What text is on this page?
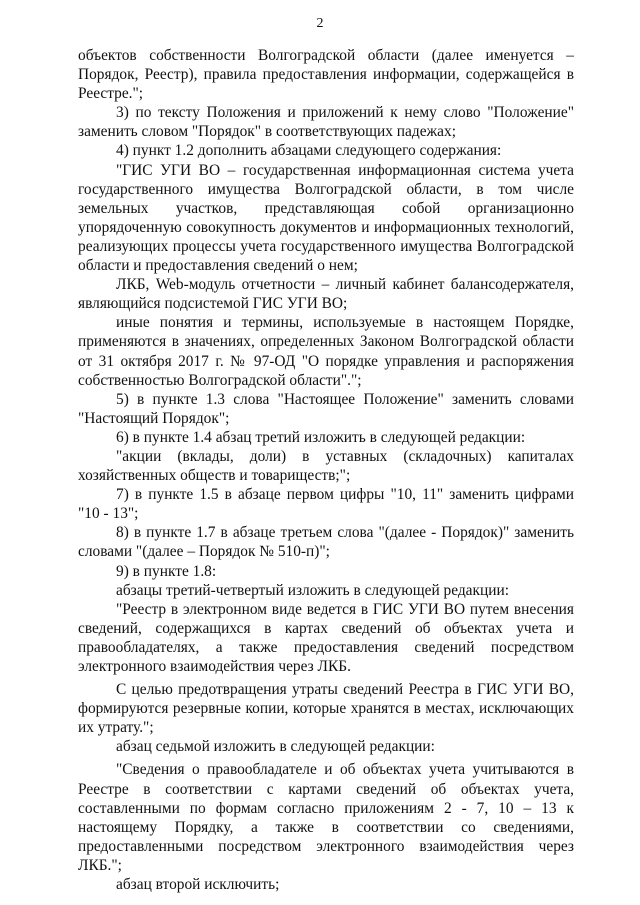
2

объектов собственности Волгоградской области (далее именуется – Порядок, Реестр), правила предоставления информации, содержащейся в Реестре.";

3) по тексту Положения и приложений к нему слово "Положение" заменить словом "Порядок" в соответствующих падежах;

4) пункт 1.2 дополнить абзацами следующего содержания:

"ГИС УГИ ВО – государственная информационная система учета государственного имущества Волгоградской области, в том числе земельных участков, представляющая собой организационно упорядоченную совокупность документов и информационных технологий, реализующих процессы учета государственного имущества Волгоградской области и предоставления сведений о нем;

ЛКБ, Web-модуль отчетности – личный кабинет балансодержателя, являющийся подсистемой ГИС УГИ ВО;

иные понятия и термины, используемые в настоящем Порядке, применяются в значениях, определенных Законом Волгоградской области от 31 октября 2017 г. № 97-ОД "О порядке управления и распоряжения собственностью Волгоградской области".";

5) в пункте 1.3 слова "Настоящее Положение" заменить словами "Настоящий Порядок";

6) в пункте 1.4 абзац третий изложить в следующей редакции:

"акции (вклады, доли) в уставных (складочных) капиталах хозяйственных обществ и товариществ;";

7) в пункте 1.5 в абзаце первом цифры "10, 11" заменить цифрами "10 - 13";

8) в пункте 1.7 в абзаце третьем слова "(далее - Порядок)" заменить словами "(далее – Порядок № 510-п)";

9) в пункте 1.8:

абзацы третий-четвертый изложить в следующей редакции:

"Реестр в электронном виде ведется в ГИС УГИ ВО путем внесения сведений, содержащихся в картах сведений об объектах учета и правообладателях, а также предоставления сведений посредством электронного взаимодействия через ЛКБ.

С целью предотвращения утраты сведений Реестра в ГИС УГИ ВО, формируются резервные копии, которые хранятся в местах, исключающих их утрату.";

абзац седьмой изложить в следующей редакции:

"Сведения о правообладателе и об объектах учета учитываются в Реестре в соответствии с картами сведений об объектах учета, составленными по формам согласно приложениям 2 - 7, 10 – 13 к настоящему Порядку, а также в соответствии со сведениями, предоставленными посредством электронного взаимодействия через ЛКБ.";

абзац второй исключить;
